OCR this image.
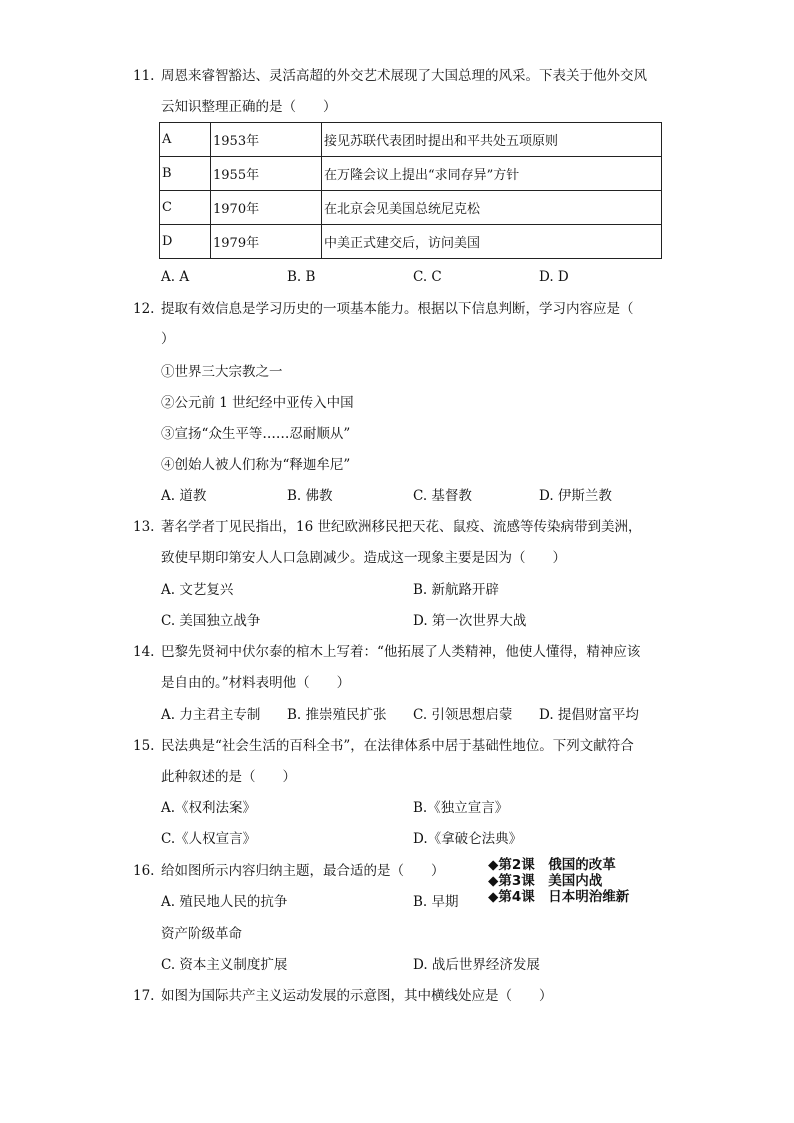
11. 周恩来睿智豁达、灵活高超的外交艺术展现了大国总理的风采。下表关于他外交风
云知识整理正确的是（　　）
A	1953年	接见苏联代表团时提出和平共处五项原则
B	1955年	在万隆会议上提出“求同存异”方针
C	1970年	在北京会见美国总统尼克松
D	1979年	中美正式建交后，访问美国
A. A	B. B	C. C	D. D
12. 提取有效信息是学习历史的一项基本能力。根据以下信息判断，学习内容应是（
）
①世界三大宗教之一
②公元前 1 世纪经中亚传入中国
③宣扬“众生平等……忍耐顺从”
④创始人被人们称为“释迦牟尼”
A. 道教	B. 佛教	C. 基督教	D. 伊斯兰教
13. 著名学者丁见民指出，16 世纪欧洲移民把天花、鼠疫、流感等传染病带到美洲，
致使早期印第安人人口急剧减少。造成这一现象主要是因为（　　）
A. 文艺复兴	B. 新航路开辟
C. 美国独立战争	D. 第一次世界大战
14. 巴黎先贤祠中伏尔泰的棺木上写着：“他拓展了人类精神，他使人懂得，精神应该
是自由的。”材料表明他（　　）
A. 力主君主专制 B. 推崇殖民扩张 C. 引领思想启蒙 D. 提倡财富平均
15. 民法典是“社会生活的百科全书”，在法律体系中居于基础性地位。下列文献符合
此种叙述的是（　　）
A.《权利法案》	B.《独立宣言》
C.《人权宣言》	D.《拿破仑法典》
16. 给如图所示内容归纳主题，最合适的是（　　）	◆第2课　俄国的改革
◆第3课　美国内战
◆第4课　日本明治维新
A. 殖民地人民的抗争	B. 早期
资产阶级革命
C. 资本主义制度扩展	D. 战后世界经济发展
17. 如图为国际共产主义运动发展的示意图，其中横线处应是（　　）
